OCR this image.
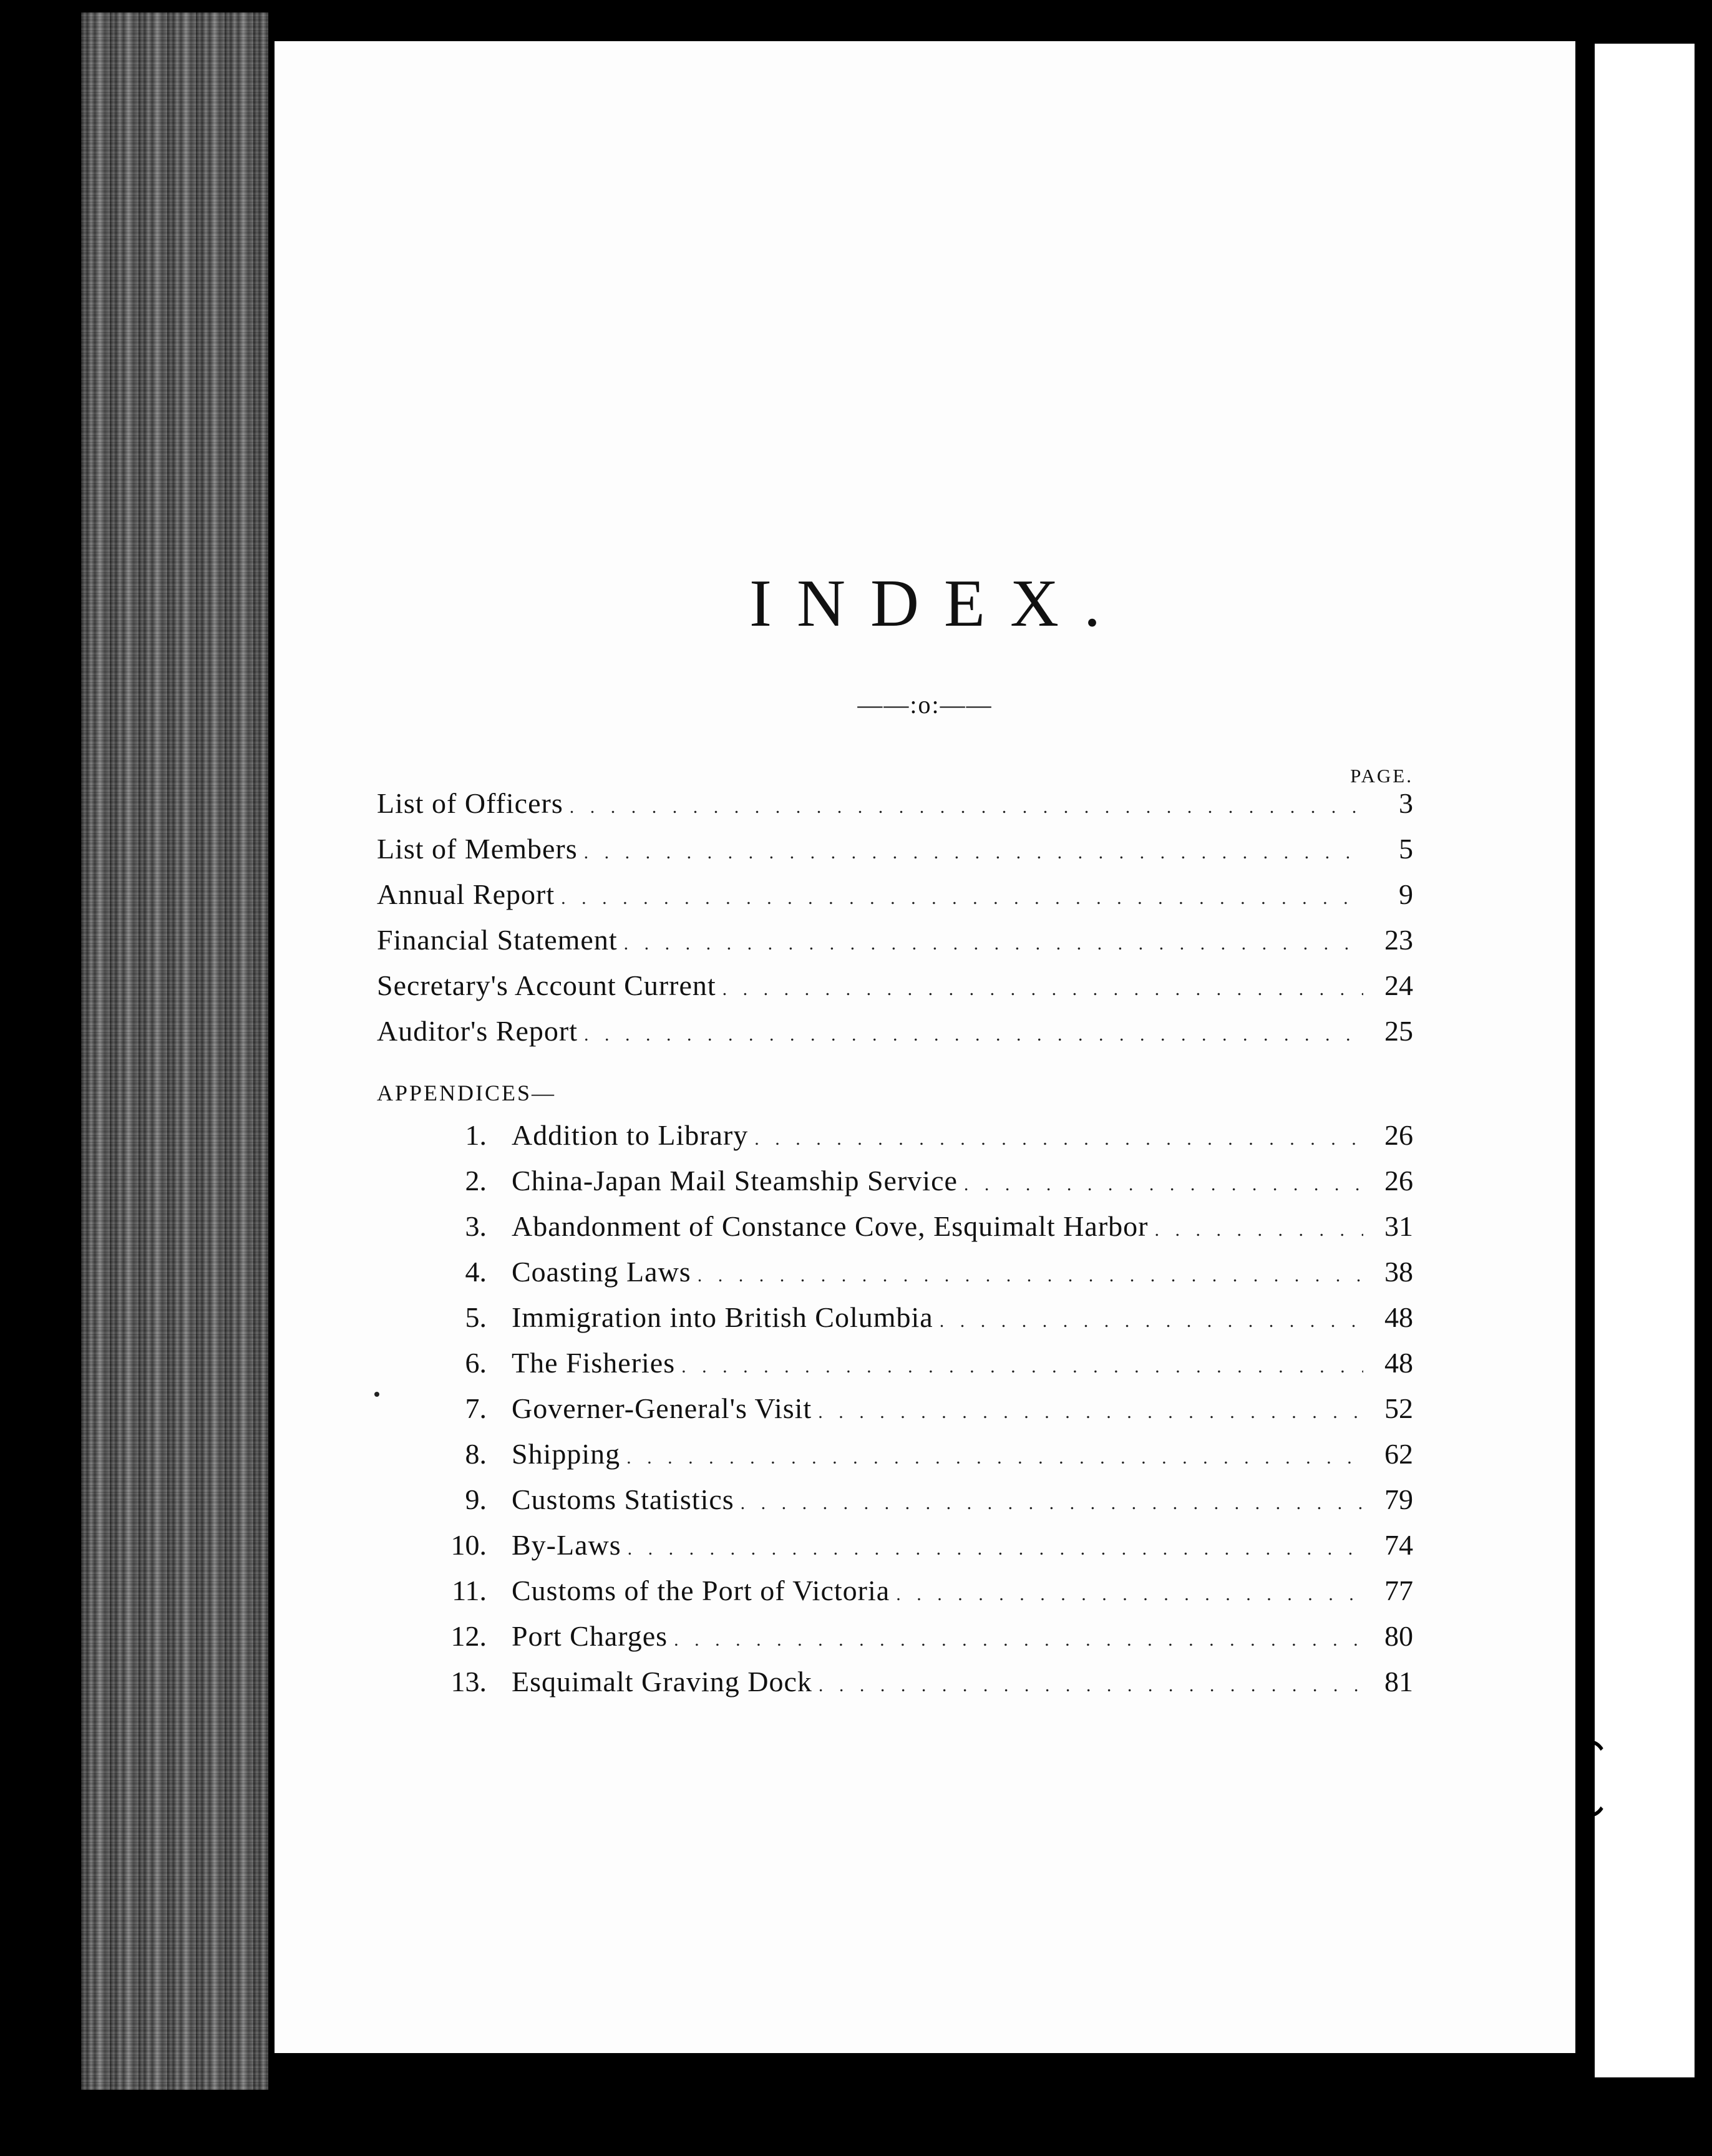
INDEX.
——:o:——
PAGE.
List of Officers . . .	3
List of Members . . .	5
Annual Report . . .	9
Financial Statement . . .	23
Secretary's Account Current . . .	24
Auditor's Report . . .	25
APPENDICES—
1. Addition to Library . . .	26
2. China-Japan Mail Steamship Service . . .	26
3. Abandonment of Constance Cove, Esquimalt Harbor . . .	31
4. Coasting Laws . . .	38
5. Immigration into British Columbia . . .	48
6. The Fisheries . . .	48
7. Governer-General's Visit . . .	52
8. Shipping . . .	62
9. Customs Statistics . . .	79
10. By-Laws . . .	74
11. Customs of the Port of Victoria . . .	77
12. Port Charges . . .	80
13. Esquimalt Graving Dock . . .	81
